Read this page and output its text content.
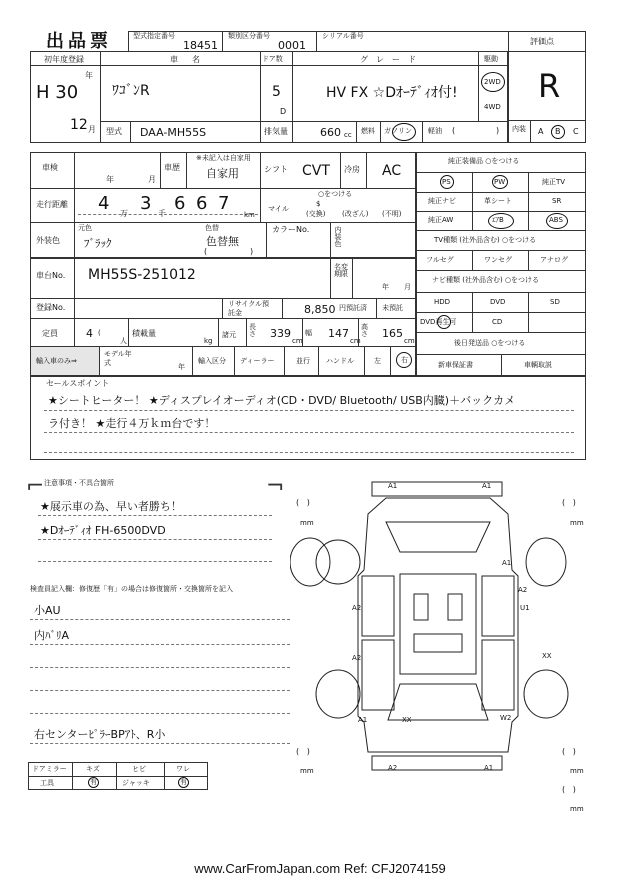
出品票	型式指定番号
18451
類別区分番号
0001
シリアル番号
評価点
R
内装 A B C
初年度登録
年
H 30
12 月
車名
ﾜｺﾞﾝR
ドア数
5
D
グレード
HV FX ☆Dｵｰﾃﾞｨｵ付!
駆動
2WD
4WD
型式 DAA-MH55S	排気量	660 cc 燃料 ガソリン 軽油 (	)
車検
年	月
車歴
※未記入は自家用
自家用	シフト CVT 冷房 AC
走行距離 4 万 3 千 6 6 7
km
マイル
○をつける
$
(交換) (改ざん) (不明)
外装色
元色
ﾌﾞﾗｯｸ
色替
色替無
(	)
カラーNo.	内装色
車台No. MH55S-251012	名変期限
年 月
登録No.	リサイクル預託金	8,850 円預託済 未預託
定員	4 (
人
積載量
kg
諸元
長さ 339
cm
幅 147
cm
高さ 165
cm
輸入車のみ⇒
モデル年式	年
輸入区分 ディーラー	並行 ハンドル	左	右
純正装備品 ○をつける
PS	PW	純正TV
純正ナビ	革シート	SR
純正AW	ｴｱB	ABS
TV種類 (社外品含む) ○をつける
フルセグ	ワンセグ	アナログ
ナビ種類 (社外品含む) ○をつける
HDD	DVD	SD
DVD再生可	CD
後日発送品 ○をつける
新車保証書	車輌取説
セールスポイント
★シートヒーター！ ★ディスプレイオーディオ(CD・DVD/ Bluetooth/ USB内臓)＋バックカメ
ラ付き！ ★走行４万ｋｍ台です！
注意事項・不具合箇所
⌐	¬
★展示車の為、早い者勝ち！
★Dｵｰﾃﾞｨｵ FH-6500DVD
検査員記入欄：修復歴「有」の場合は修復箇所・交換箇所を記入
小AU
内ﾊﾞﾘA
右センターﾋﾟﾗｰBPｱﾄ、R小
ドアミラー	キズ	ヒビ	ワレ
工具	有	ジャッキ	有
A1	A1
A1
A2	U1
A2
XX
A2
A1	XX	W2
A2	A1
mm
(   )
mm
(   )
mm
(   )
mm
(   )
mm
(   )
www.CarFromJapan.com Ref: CFJ2074159
